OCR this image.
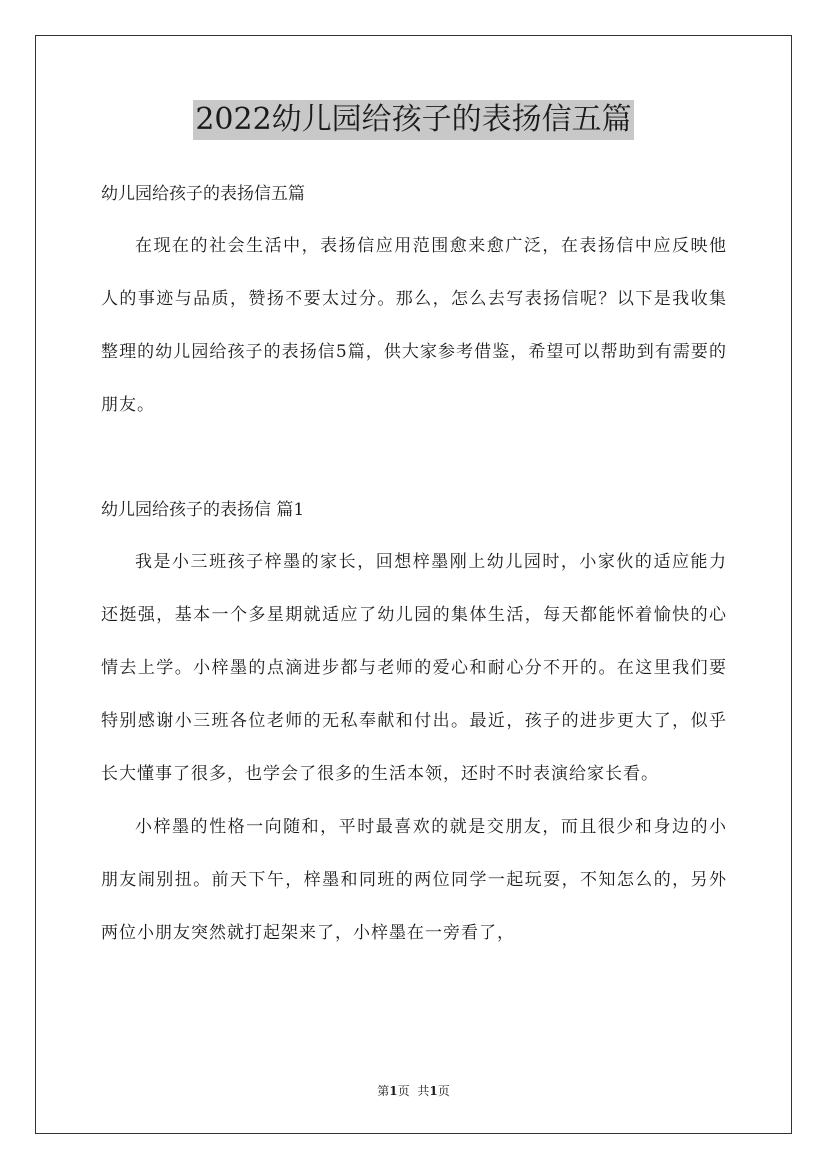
2022幼儿园给孩子的表扬信五篇

幼儿园给孩子的表扬信五篇

在现在的社会生活中，表扬信应用范围愈来愈广泛，在表扬信中应反映他人的事迹与品质，赞扬不要太过分。那么，怎么去写表扬信呢？以下是我收集整理的幼儿园给孩子的表扬信5篇，供大家参考借鉴，希望可以帮助到有需要的朋友。

幼儿园给孩子的表扬信 篇1

我是小三班孩子梓墨的家长，回想梓墨刚上幼儿园时，小家伙的适应能力还挺强，基本一个多星期就适应了幼儿园的集体生活，每天都能怀着愉快的心情去上学。小梓墨的点滴进步都与老师的爱心和耐心分不开的。在这里我们要特别感谢小三班各位老师的无私奉献和付出。最近，孩子的进步更大了，似乎长大懂事了很多，也学会了很多的生活本领，还时不时表演给家长看。

小梓墨的性格一向随和，平时最喜欢的就是交朋友，而且很少和身边的小朋友闹别扭。前天下午，梓墨和同班的两位同学一起玩耍，不知怎么的，另外两位小朋友突然就打起架来了，小梓墨在一旁看了，

第1页 共1页
